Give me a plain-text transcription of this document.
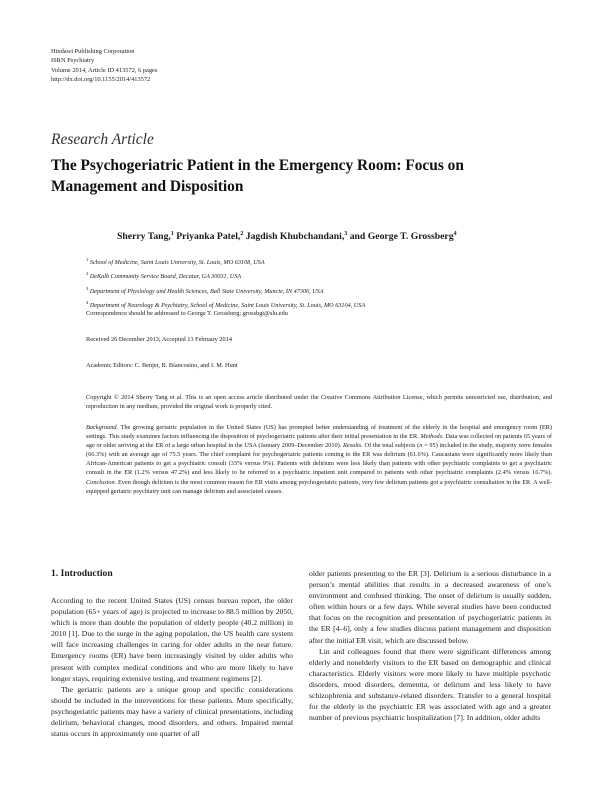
Hindawi Publishing Corporation
ISRN Psychiatry
Volume 2014, Article ID 413572, 6 pages
http://dx.doi.org/10.1155/2014/413572
Research Article
The Psychogeriatric Patient in the Emergency Room: Focus on Management and Disposition
Sherry Tang,$^1$ Priyanka Patel,$^2$ Jagdish Khubchandani,$^3$ and George T. Grossberg$^4$
$^1$ School of Medicine, Saint Louis University, St. Louis, MO 63108, USA
$^2$ DeKalb Community Service Board, Decatur, GA 30031, USA
$^3$ Department of Physiology and Health Sciences, Ball State University, Muncie, IN 47306, USA
$^4$ Department of Neurology & Psychiatry, School of Medicine, Saint Louis University, St. Louis, MO 63104, USA
Correspondence should be addressed to George T. Grossberg; grossbgt@slu.edu
Received 26 December 2013; Accepted 13 February 2014
Academic Editors: C. Benjet, B. Biancosino, and I. M. Hunt
Copyright © 2014 Sherry Tang et al. This is an open access article distributed under the Creative Commons Attribution License, which permits unrestricted use, distribution, and reproduction in any medium, provided the original work is properly cited.
Background. The growing geriatric population in the United States (US) has prompted better understanding of treatment of the elderly in the hospital and emergency room (ER) settings. This study examines factors influencing the disposition of psychogeriatric patients after their initial presentation in the ER. Methods. Data was collected on patients 65 years of age or older arriving at the ER of a large urban hospital in the USA (January 2009–December 2010). Results. Of the total subjects (n = 95) included in the study, majority were females (66.3%) with an average age of 75.5 years. The chief complaint for psychogeriatric patients coming to the ER was delirium (61.6%). Caucasians were significantly more likely than African-American patients to get a psychiatric consult (33% versus 9%). Patients with delirium were less likely than patients with other psychiatric complaints to get a psychiatric consult in the ER (1.2% versus 47.2%) and less likely to be referred to a psychiatric inpatient unit compared to patients with other psychiatric complaints (2.4% versus 16.7%). Conclusion. Even though delirium is the most common reason for ER visits among psychogeriatric patients, very few delirium patients got a psychiatric consultation in the ER. A well-equipped geriatric psychiatry unit can manage delirium and associated causes.
1. Introduction

According to the recent United States (US) census bureau report, the older population (65+ years of age) is projected to increase to 88.5 million by 2050, which is more than double the population of elderly people (40.2 million) in 2010 [1]. Due to the surge in the aging population, the US health care system will face increasing challenges in caring for older adults in the near future. Emergency rooms (ER) have been increasingly visited by older adults who present with complex medical conditions and who are more likely to have longer stays, requiring extensive testing, and treatment regimens [2].

The geriatric patients are a unique group and specific considerations should be included in the interventions for these patients. More specifically, psychogeriatric patients may have a variety of clinical presentations, including delirium, behavioral changes, mood disorders, and others. Impaired mental status occurs in approximately one quarter of all

older patients presenting to the ER [3]. Delirium is a serious disturbance in a person’s mental abilities that results in a decreased awareness of one’s environment and confused thinking. The onset of delirium is usually sudden, often within hours or a few days. While several studies have been conducted that focus on the recognition and presentation of psychogeriatric patients in the ER [4–6], only a few studies discuss patient management and disposition after the initial ER visit, which are discussed below.

Lin and colleagues found that there were significant differences among elderly and nonelderly visitors to the ER based on demographic and clinical characteristics. Elderly visitors were more likely to have multiple psychotic disorders, mood disorders, dementia, or delirium and less likely to have schizophrenia and substance-related disorders. Transfer to a general hospital for the elderly in the psychiatric ER was associated with age and a greater number of previous psychiatric hospitalization [7]. In addition, older adults
